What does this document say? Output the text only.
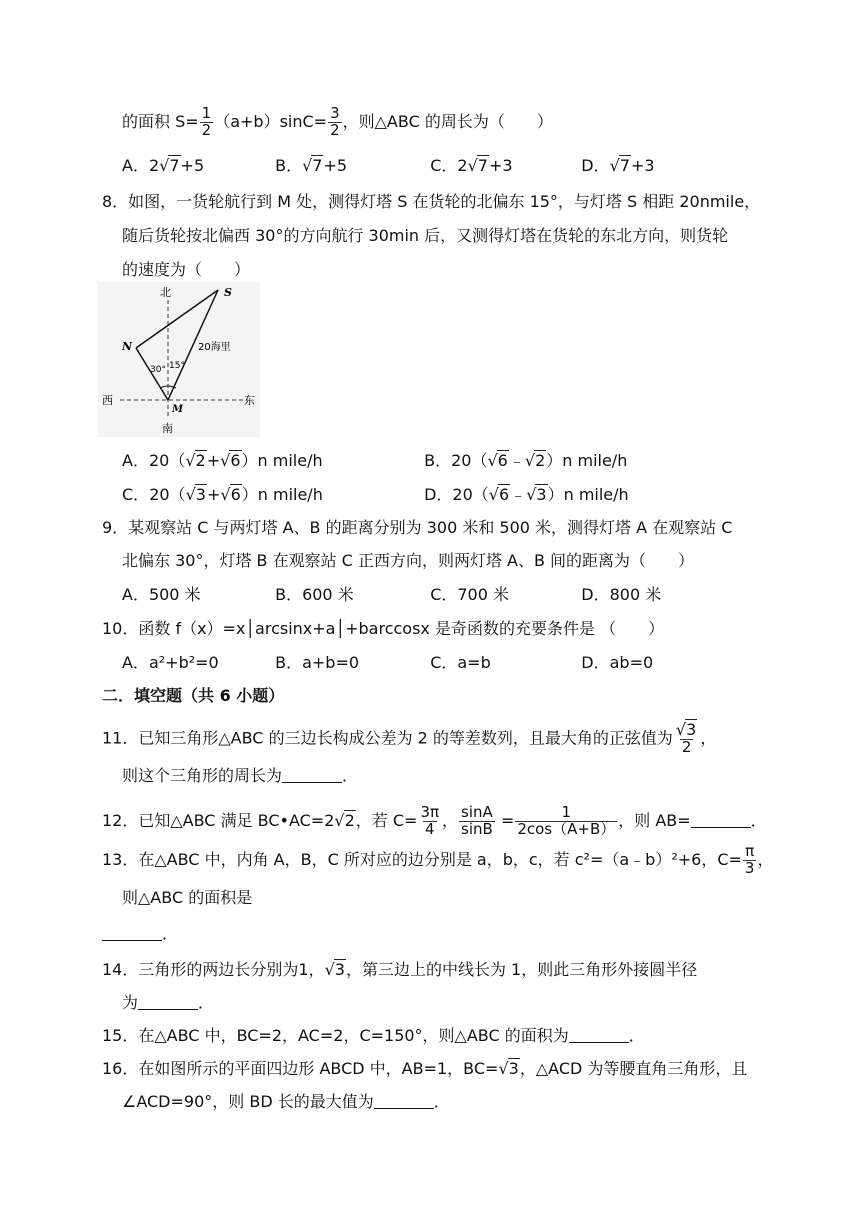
的面积 $S= \frac{1}{2} (a+b)\sin C= \frac{3}{2}$ ，则△ABC 的周长为（　　）
A．2√7+5	B．√7+5	C．2√7+3	D．√7+3
8．如图，一货轮航行到 M 处，测得灯塔 S 在货轮的北偏东 15°，与灯塔 S 相距 20nmile，
随后货轮按北偏西 30°的方向航行 30min 后，又测得灯塔在货轮的东北方向，则货轮
的速度为（　　）
北
南
西	东
S
N
M
20海里
30° 15°
A．20（√2+√6）n mile/h	B．20（√6﹣√2）n mile/h
C．20（√3+√6）n mile/h	D．20（√6﹣√3）n mile/h
9．某观察站 C 与两灯塔 A、B 的距离分别为 300 米和 500 米，测得灯塔 A 在观察站 C
北偏东 30°，灯塔 B 在观察站 C 正西方向，则两灯塔 A、B 间的距离为（　　）
A．500 米	B．600 米	C．700 米	D．800 米
10．函数 f（x）=x│arcsinx+a│+barccosx 是奇函数的充要条件是 （　　）
A．a²+b²=0	B．a+b=0	C．a=b	D．ab=0
二．填空题（共 6 小题）
11．已知三角形△ABC 的三边长构成公差为 2 的等差数列，且最大角的正弦值为 $\frac{√3}{2}$ ，
则这个三角形的周长为	．
12．已知△ABC 满足 BC•AC=2√2，若 $C= \frac{3\pi}{4}$ ， $\frac{\sin A}{\sin B} = \frac{1}{2\cos(A+B)}$ ，则 AB=	．
13．在△ABC 中，内角 A，B，C 所对应的边分别是 a，b，c，若 c²=（a﹣b）²+6，$C= \frac{\pi}{3}$ ，
则△ABC 的面积是
．
14．三角形的两边长分别为1，√3，第三边上的中线长为 1，则此三角形外接圆半径
为	．
15．在△ABC 中，BC=2，AC=2，C=150°，则△ABC 的面积为	．
16．在如图所示的平面四边形 ABCD 中，AB=1，BC=√3，△ACD 为等腰直角三角形，且
∠ACD=90°，则 BD 长的最大值为	．
